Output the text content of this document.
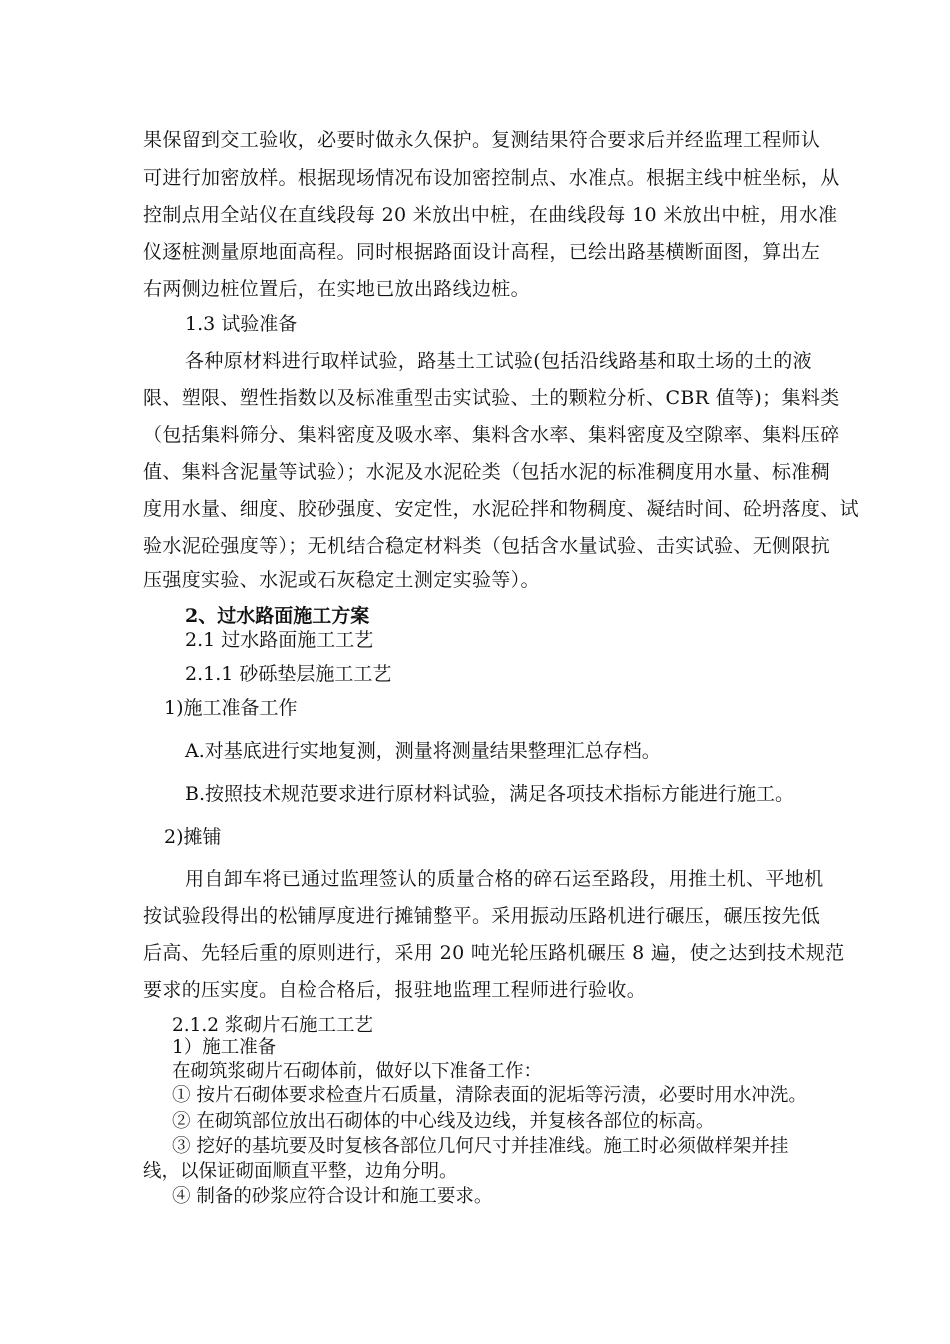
果保留到交工验收，必要时做永久保护。复测结果符合要求后并经监理工程师认
可进行加密放样。根据现场情况布设加密控制点、水准点。根据主线中桩坐标，从
控制点用全站仪在直线段每 20 米放出中桩，在曲线段每 10 米放出中桩，用水准
仪逐桩测量原地面高程。同时根据路面设计高程，已绘出路基横断面图，算出左
右两侧边桩位置后，在实地已放出路线边桩。
1.3 试验准备
各种原材料进行取样试验，路基土工试验(包括沿线路基和取土场的土的液
限、塑限、塑性指数以及标准重型击实试验、土的颗粒分析、CBR 值等)；集料类
（包括集料筛分、集料密度及吸水率、集料含水率、集料密度及空隙率、集料压碎
值、集料含泥量等试验）；水泥及水泥砼类（包括水泥的标准稠度用水量、标准稠
度用水量、细度、胶砂强度、安定性，水泥砼拌和物稠度、凝结时间、砼坍落度、试
验水泥砼强度等）；无机结合稳定材料类（包括含水量试验、击实试验、无侧限抗
压强度实验、水泥或石灰稳定土测定实验等）。
2、过水路面施工方案
2.1 过水路面施工工艺
2.1.1 砂砾垫层施工工艺
1)施工准备工作
A.对基底进行实地复测，测量将测量结果整理汇总存档。
B.按照技术规范要求进行原材料试验，满足各项技术指标方能进行施工。
2)摊铺
用自卸车将已通过监理签认的质量合格的碎石运至路段，用推土机、平地机
按试验段得出的松铺厚度进行摊铺整平。采用振动压路机进行碾压，碾压按先低
后高、先轻后重的原则进行，采用 20 吨光轮压路机碾压 8 遍，使之达到技术规范
要求的压实度。自检合格后，报驻地监理工程师进行验收。
2.1.2 浆砌片石施工工艺
1）施工准备
在砌筑浆砌片石砌体前，做好以下准备工作：
① 按片石砌体要求检查片石质量，清除表面的泥垢等污渍，必要时用水冲洗。
② 在砌筑部位放出石砌体的中心线及边线，并复核各部位的标高。
③ 挖好的基坑要及时复核各部位几何尺寸并挂准线。施工时必须做样架并挂
线，以保证砌面顺直平整，边角分明。
④ 制备的砂浆应符合设计和施工要求。
